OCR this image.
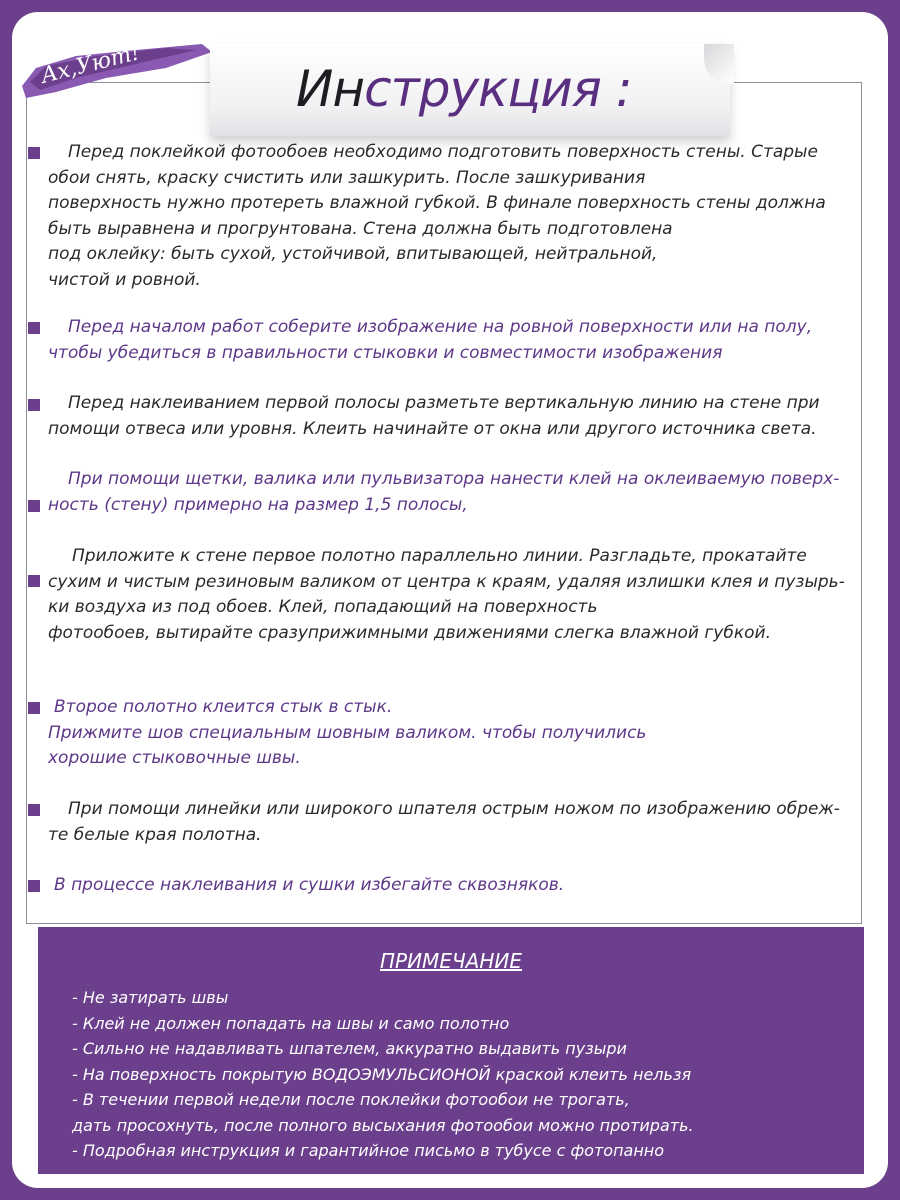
Ах,Уют!	Инструкция :
Перед поклейкой фотообоев необходимо подготовить поверхность стены. Старые
обои снять, краску счистить или зашкурить. После зашкуривания
поверхность нужно протереть влажной губкой. В финале поверхность стены должна
быть выравнена и прогрунтована. Стена должна быть подготовлена
под оклейку: быть сухой, устойчивой, впитывающей, нейтральной,
чистой и ровной.
Перед началом работ соберите изображение на ровной поверхности или на полу,
чтобы убедиться в правильности стыковки и совместимости изображения
Перед наклеиванием первой полосы разметьте вертикальную линию на стене при
помощи отвеса или уровня. Клеить начинайте от окна или другого источника света.
При помощи щетки, валика или пульвизатора нанести клей на оклеиваемую поверх-
ность (стену) примерно на размер 1,5 полосы,
Приложите к стене первое полотно параллельно линии. Разгладьте, прокатайте
сухим и чистым резиновым валиком от центра к краям, удаляя излишки клея и пузырь-
ки воздуха из под обоев. Клей, попадающий на поверхность
фотообоев, вытирайте сразуприжимными движениями слегка влажной губкой.
Второе полотно клеится стык в стык.
Прижмите шов специальным шовным валиком. чтобы получились
хорошие стыковочные швы.
При помощи линейки или широкого шпателя острым ножом по изображению обреж-
те белые края полотна.
В процессе наклеивания и сушки избегайте сквозняков.
ПРИМЕЧАНИЕ
- Не затирать швы
- Клей не должен попадать на швы и само полотно
- Сильно не надавливать шпателем, аккуратно выдавить пузыри
- На поверхность покрытую ВОДОЭМУЛЬСИОНОЙ краской клеить нельзя
- В течении первой недели после поклейки фотообои не трогать,
дать просохнуть, после полного высыхания фотообои можно протирать.
- Подробная инструкция и гарантийное письмо в тубусе с фотопанно
